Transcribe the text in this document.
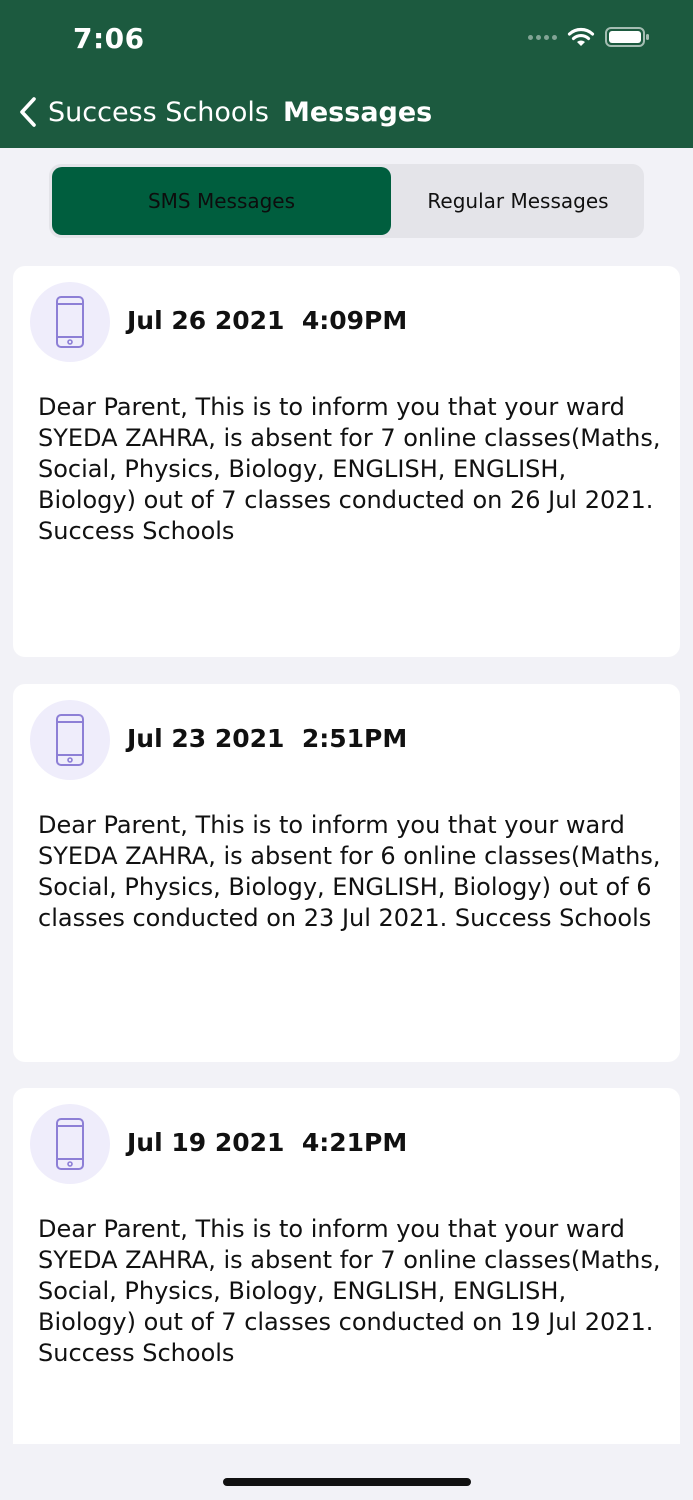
7:06
Success Schools Messages
SMS Messages	Regular Messages
Jul 26 2021  4:09PM
Dear Parent, This is to inform you that your ward SYEDA ZAHRA, is absent for 7 online classes(Maths, Social, Physics, Biology, ENGLISH, ENGLISH, Biology) out of 7 classes conducted on 26 Jul 2021. Success Schools
Jul 23 2021  2:51PM
Dear Parent, This is to inform you that your ward SYEDA ZAHRA, is absent for 6 online classes(Maths, Social, Physics, Biology, ENGLISH, Biology) out of 6 classes conducted on 23 Jul 2021. Success Schools
Jul 19 2021  4:21PM
Dear Parent, This is to inform you that your ward SYEDA ZAHRA, is absent for 7 online classes(Maths, Social, Physics, Biology, ENGLISH, ENGLISH, Biology) out of 7 classes conducted on 19 Jul 2021. Success Schools
